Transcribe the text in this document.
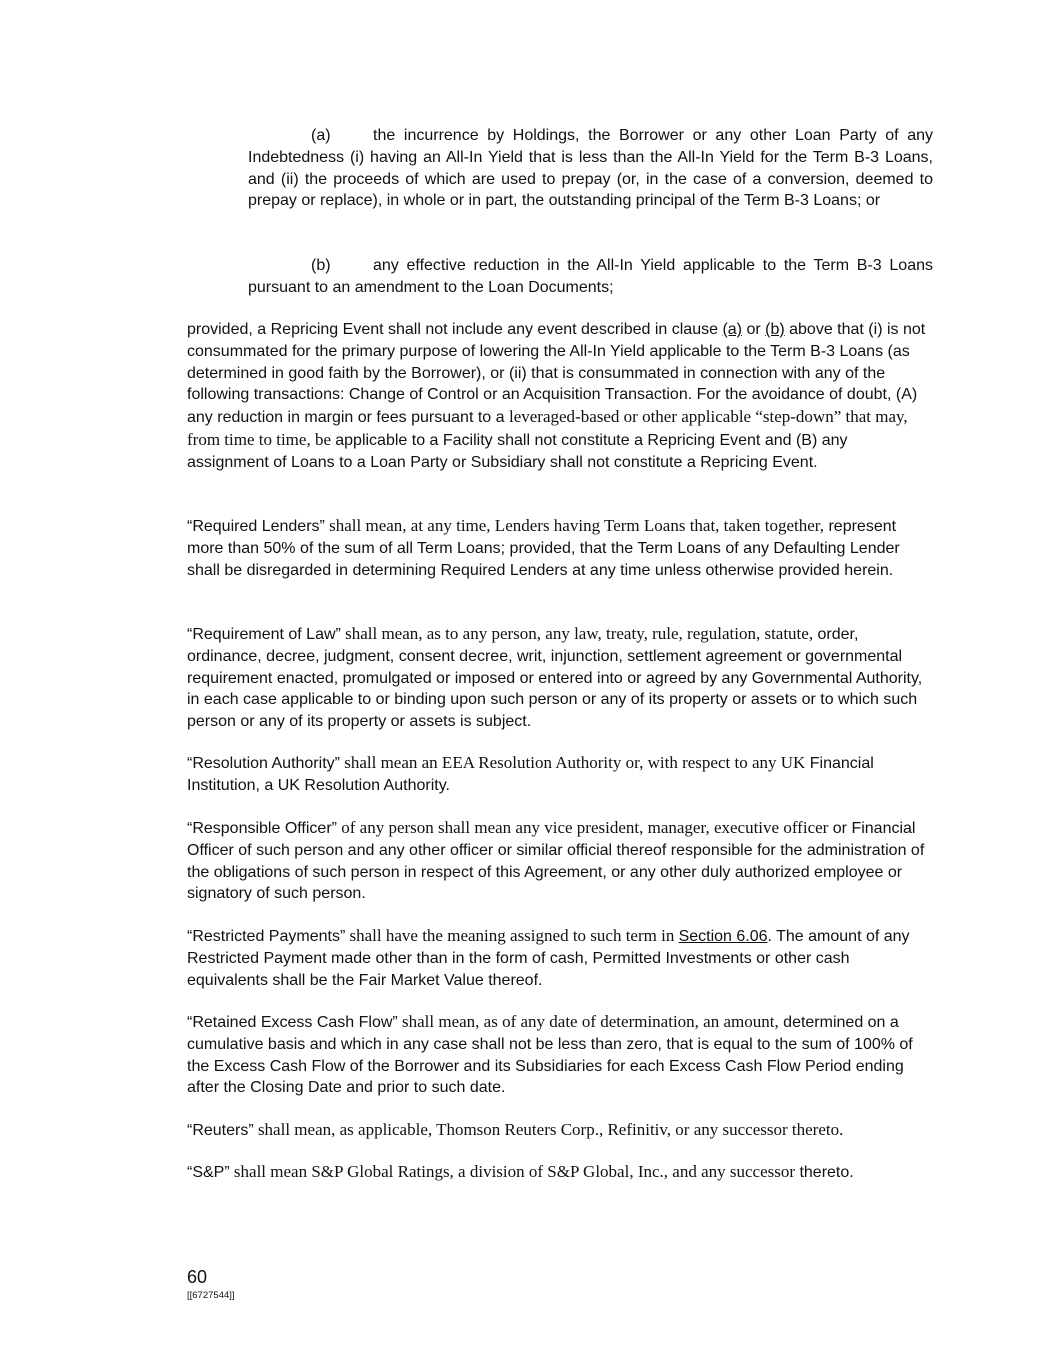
(a)	the incurrence by Holdings, the Borrower or any other Loan Party of any Indebtedness (i) having an All-In Yield that is less than the All-In Yield for the Term B-3 Loans, and (ii) the proceeds of which are used to prepay (or, in the case of a conversion, deemed to prepay or replace), in whole or in part, the outstanding principal of the Term B-3 Loans; or

(b)	any effective reduction in the All-In Yield applicable to the Term B-3 Loans pursuant to an amendment to the Loan Documents;

provided, a Repricing Event shall not include any event described in clause (a) or (b) above that (i) is not consummated for the primary purpose of lowering the All-In Yield applicable to the Term B-3 Loans (as determined in good faith by the Borrower), or (ii) that is consummated in connection with any of the following transactions: Change of Control or an Acquisition Transaction. For the avoidance of doubt, (A) any reduction in margin or fees pursuant to a leveraged-based or other applicable “step-down” that may, from time to time, be applicable to a Facility shall not constitute a Repricing Event and (B) any assignment of Loans to a Loan Party or Subsidiary shall not constitute a Repricing Event.

“Required Lenders” shall mean, at any time, Lenders having Term Loans that, taken together, represent more than 50% of the sum of all Term Loans; provided, that the Term Loans of any Defaulting Lender shall be disregarded in determining Required Lenders at any time unless otherwise provided herein.

“Requirement of Law” shall mean, as to any person, any law, treaty, rule, regulation, statute, order, ordinance, decree, judgment, consent decree, writ, injunction, settlement agreement or governmental requirement enacted, promulgated or imposed or entered into or agreed by any Governmental Authority, in each case applicable to or binding upon such person or any of its property or assets or to which such person or any of its property or assets is subject.

“Resolution Authority” shall mean an EEA Resolution Authority or, with respect to any UK Financial Institution, a UK Resolution Authority.

“Responsible Officer” of any person shall mean any vice president, manager, executive officer or Financial Officer of such person and any other officer or similar official thereof responsible for the administration of the obligations of such person in respect of this Agreement, or any other duly authorized employee or signatory of such person.

“Restricted Payments” shall have the meaning assigned to such term in Section 6.06. The amount of any Restricted Payment made other than in the form of cash, Permitted Investments or other cash equivalents shall be the Fair Market Value thereof.

“Retained Excess Cash Flow” shall mean, as of any date of determination, an amount, determined on a cumulative basis and which in any case shall not be less than zero, that is equal to the sum of 100% of the Excess Cash Flow of the Borrower and its Subsidiaries for each Excess Cash Flow Period ending after the Closing Date and prior to such date.

“Reuters” shall mean, as applicable, Thomson Reuters Corp., Refinitiv, or any successor thereto.

“S&P” shall mean S&P Global Ratings, a division of S&P Global, Inc., and any successor thereto.

60
[[6727544]]
